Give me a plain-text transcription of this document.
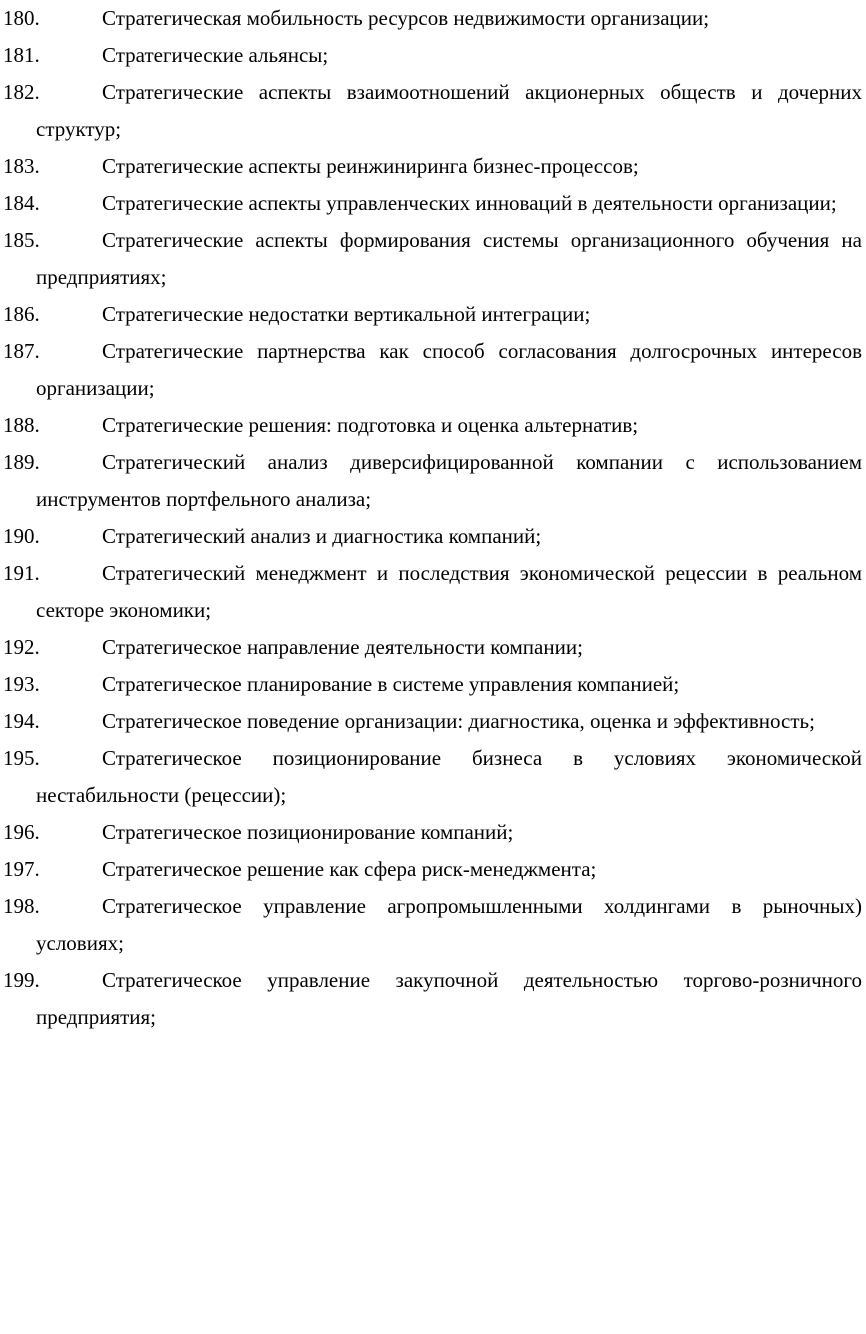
180.	Стратегическая мобильность ресурсов недвижимости организации;
181.	Стратегические альянсы;
182.	Стратегические аспекты взаимоотношений акционерных обществ и дочерних структур;
183.	Стратегические аспекты реинжиниринга бизнес-процессов;
184.	Стратегические аспекты управленческих инноваций в деятельности организации;
185.	Стратегические аспекты формирования системы организационного обучения на предприятиях;
186.	Стратегические недостатки вертикальной интеграции;
187.	Стратегические партнерства как способ согласования долгосрочных интересов организации;
188.	Стратегические решения: подготовка и оценка альтернатив;
189.	Стратегический анализ диверсифицированной компании с использованием инструментов портфельного анализа;
190.	Стратегический анализ и диагностика компаний;
191.	Стратегический менеджмент и последствия экономической рецессии в реальном секторе экономики;
192.	Стратегическое направление деятельности компании;
193.	Стратегическое планирование в системе управления компанией;
194.	Стратегическое поведение организации: диагностика, оценка и эффективность;
195.	Стратегическое позиционирование бизнеса в условиях экономической нестабильности (рецессии);
196.	Стратегическое позиционирование компаний;
197.	Стратегическое решение как сфера риск-менеджмента;
198.	Стратегическое управление агропромышленными холдингами в рыночных) условиях;
199.	Стратегическое управление закупочной деятельностью торгово-розничного предприятия;
